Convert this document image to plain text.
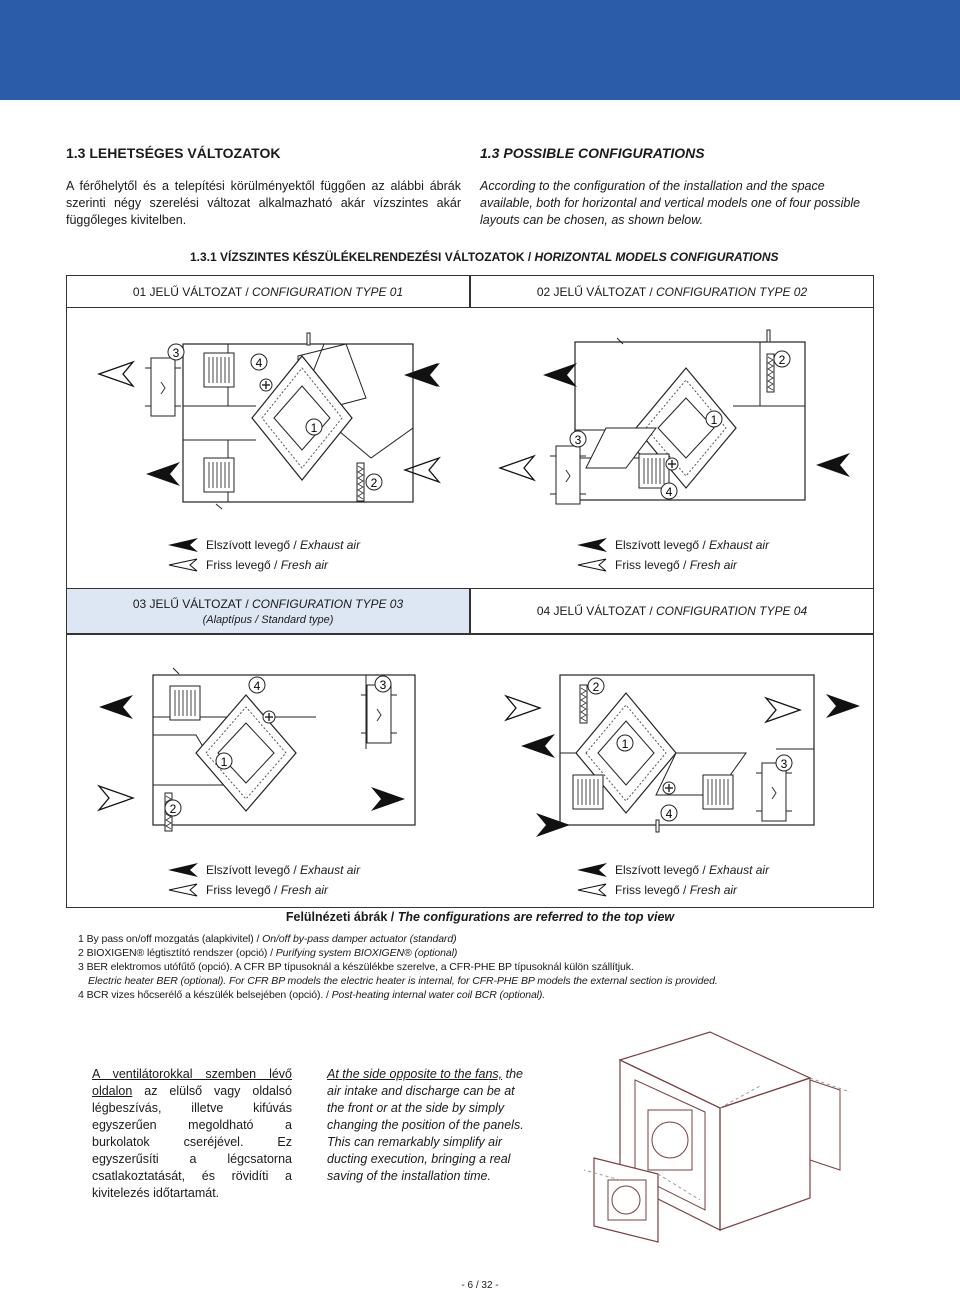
1.3 LEHETSÉGES VÁLTOZATOK	1.3 POSSIBLE CONFIGURATIONS
A férőhelytől és a telepítési körülményektől függően az alábbi ábrák szerinti négy szerelési változat alkalmazható akár vízszintes akár függőleges kivitelben.
According to the configuration of the installation and the space available, both for horizontal and vertical models one of four possible layouts can be chosen, as shown below.
1.3.1 VÍZSZINTES KÉSZÜLÉKELRENDEZÉSI VÁLTOZATOK / HORIZONTAL MODELS CONFIGURATIONS
01 JELŰ VÁLTOZAT / CONFIGURATION TYPE 01	02 JELŰ VÁLTOZAT / CONFIGURATION TYPE 02
03 JELŰ VÁLTOZAT / CONFIGURATION TYPE 03
(Alaptípus / Standard type)
04 JELŰ VÁLTOZAT / CONFIGURATION TYPE 04
3
4
1
2
2
1
3
4
4	3
1
2
2
1
3
4
Elszívott levegő / Exhaust air
Friss levegő / Fresh air
Elszívott levegő / Exhaust air
Friss levegő / Fresh air
Elszívott levegő / Exhaust air
Friss levegő / Fresh air
Elszívott levegő / Exhaust air
Friss levegő / Fresh air
Felülnézeti ábrák / The configurations are referred to the top view
1 By pass on/off mozgatás (alapkivitel) / On/off by-pass damper actuator (standard)
2 BIOXIGEN® légtisztító rendszer (opció) / Purifying system BIOXIGEN® (optional)
3 BER elektromos utófűtő (opció). A CFR BP típusoknál a készülékbe szerelve, a CFR-PHE BP típusoknál külön szállítjuk.
Electric heater BER (optional). For CFR BP models the electric heater is internal, for CFR-PHE BP models the external section is provided.
4 BCR vizes hőcserélő a készülék belsejében (opció). / Post-heating internal water coil BCR (optional).
A ventilátorokkal szemben lévő oldalon az elülső vagy oldalsó légbeszívás, illetve kifúvás egyszerűen megoldható a burkolatok cseréjével. Ez egyszerűsíti a légcsatorna csatlakoztatását, és rövidíti a kivitelezés időtartamát.
At the side opposite to the fans, the air intake and discharge can be at the front or at the side by simply changing the position of the panels. This can remarkably simplify air ducting execution, bringing a real saving of the installation time.
- 6 / 32 -
